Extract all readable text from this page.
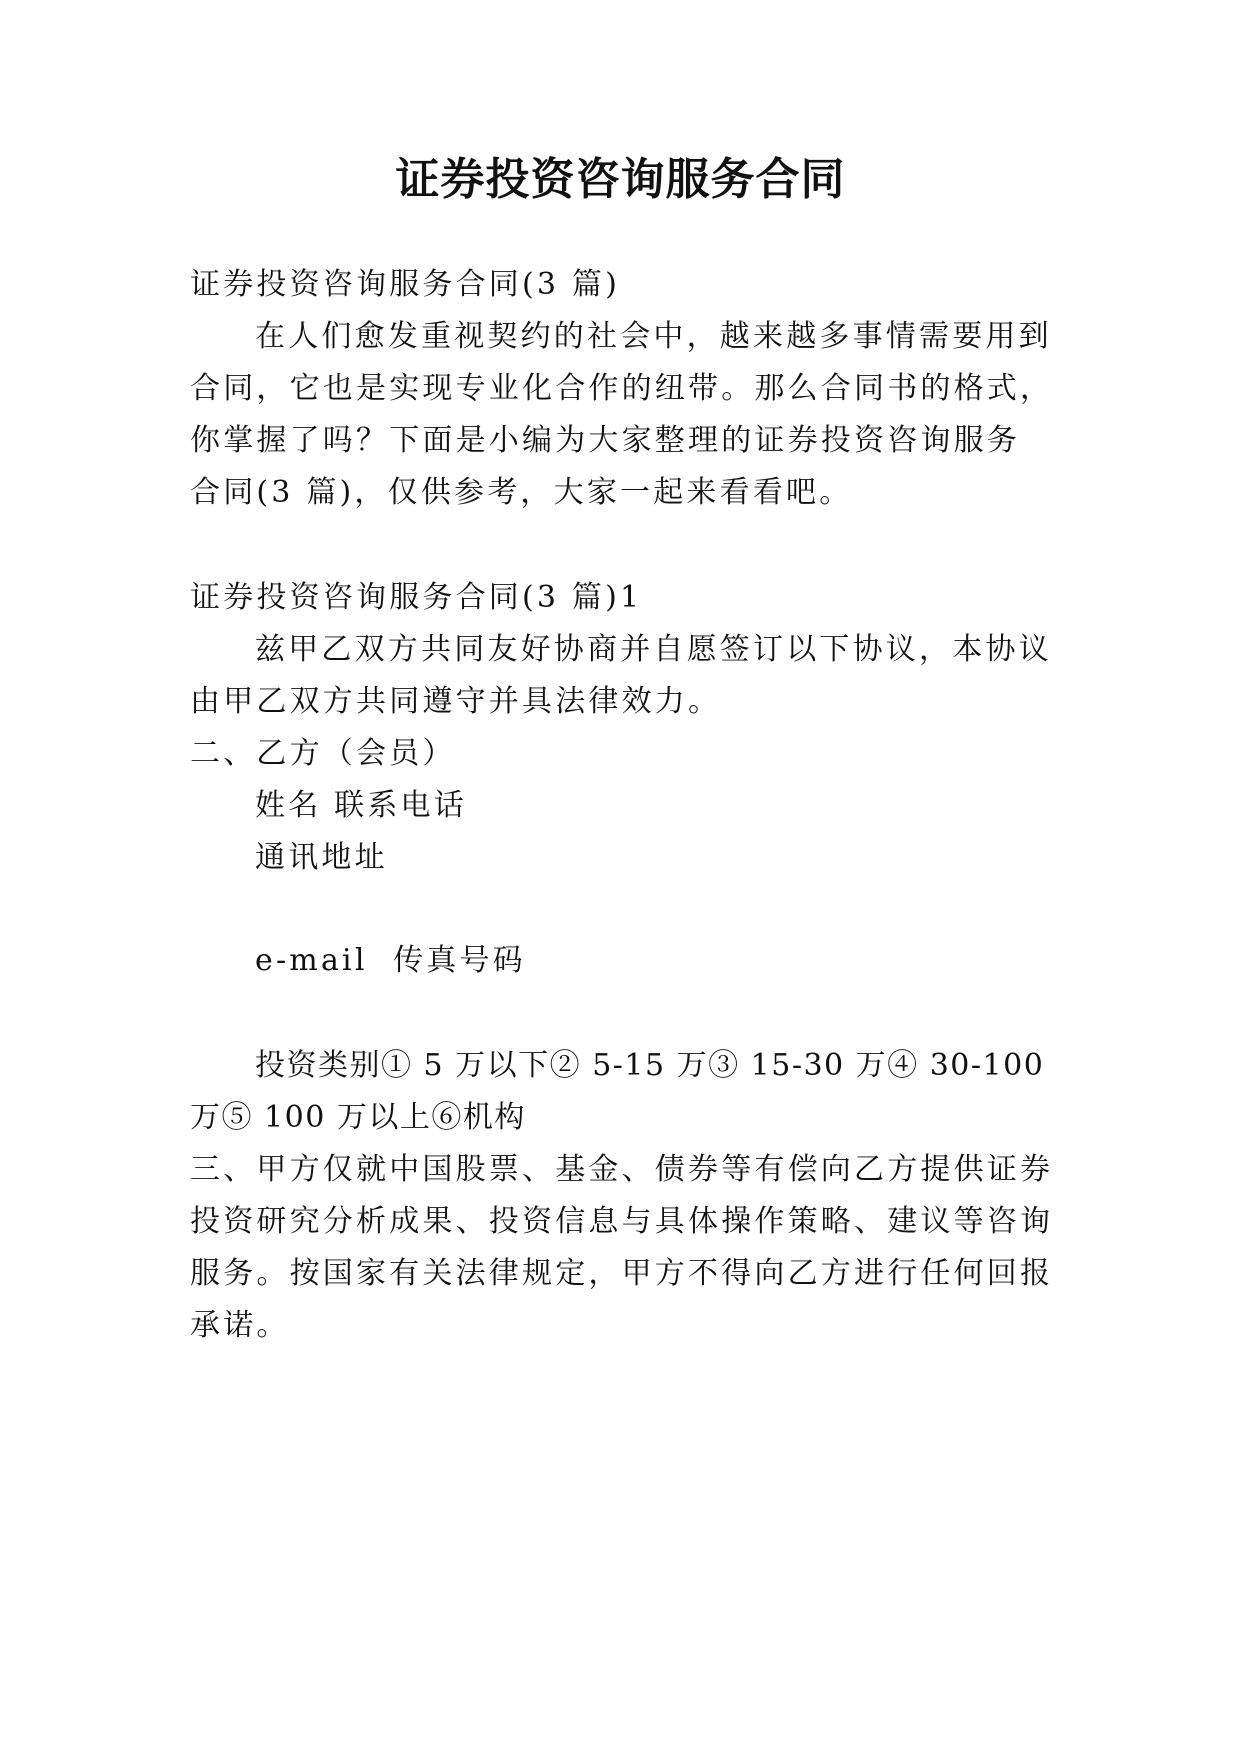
证券投资咨询服务合同
证券投资咨询服务合同(3 篇)
在人们愈发重视契约的社会中，越来越多事情需要用到
合同，它也是实现专业化合作的纽带。那么合同书的格式，
你掌握了吗？下面是小编为大家整理的证券投资咨询服务
合同(3 篇)，仅供参考，大家一起来看看吧。
证券投资咨询服务合同(3 篇)1
兹甲乙双方共同友好协商并自愿签订以下协议，本协议
由甲乙双方共同遵守并具法律效力。
二、乙方（会员）
姓名 联系电话
通讯地址
e-mail  传真号码
投资类别① 5 万以下② 5-15 万③ 15-30 万④ 30-100
万⑤ 100 万以上⑥机构
三、甲方仅就中国股票、基金、债券等有偿向乙方提供证券
投资研究分析成果、投资信息与具体操作策略、建议等咨询
服务。按国家有关法律规定，甲方不得向乙方进行任何回报
承诺。
